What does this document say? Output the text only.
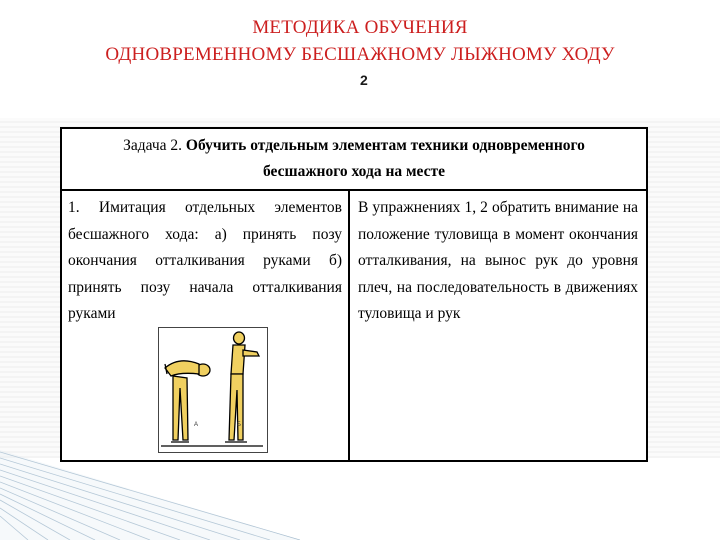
МЕТОДИКА ОБУЧЕНИЯ
ОДНОВРЕМЕННОМУ БЕСШАЖНОМУ ЛЫЖНОМУ ХОДУ
2
Задача 2. Обучить отдельным элементам техники одновременного
бесшажного хода на месте
1. Имитация отдельных элементов бесшажного хода: а) принять позу окончания отталкивания руками б) принять позу начала отталкивания руками
А	Б
В упражнениях 1, 2 обратить внимание на положение туловища в момент окончания отталкивания, на вынос рук до уровня плеч, на последовательность в движениях туловища и рук
